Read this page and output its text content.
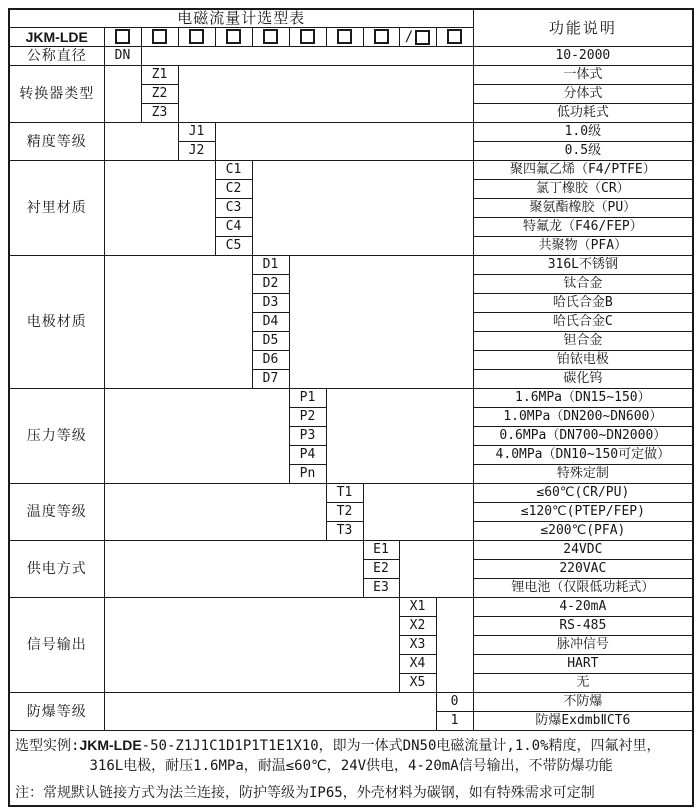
电磁流量计选型表											功能说明
JKM-LDE									/		
公称直径	DN										10-2000
转换器类型		Z1									一体式
		Z2									分体式
		Z3									低功耗式
精度等级			J1								1.0级
			J2								0.5级
衬里材质				C1							聚四氟乙烯（F4/PTFE）
				C2							氯丁橡胶（CR）
				C3							聚氨酯橡胶（PU）
				C4							特氟龙（F46/FEP）
				C5							共聚物（PFA）
电极材质					D1						316L不锈钢
					D2						钛合金
					D3						哈氏合金B
					D4						哈氏合金C
					D5						钽合金
					D6						铂铱电极
					D7						碳化钨
压力等级						P1					1.6MPa（DN15~150）
						P2					1.0MPa（DN200~DN600）
						P3					0.6MPa（DN700~DN2000）
						P4					4.0MPa（DN10~150可定做）
						Pn					特殊定制
温度等级							T1				≤60℃(CR/PU)
							T2				≤120℃(PTEP/FEP)
							T3				≤200℃(PFA)
供电方式								E1			24VDC
								E2			220VAC
								E3			锂电池（仅限低功耗式）
信号输出									X1		4-20mA
									X2		RS-485
									X3		脉冲信号
									X4		HART
									X5		无
防爆等级										0	不防爆
										1	防爆ExdmbⅡCT6

选型实例:JKM-LDE-50-Z1J1C1D1P1T1E1X10，即为一体式DN50电磁流量计,1.0%精度，四氟衬里，
316L电极，耐压1.6MPa，耐温≤60℃，24V供电，4-20mA信号输出，不带防爆功能
注：常规默认链接方式为法兰连接，防护等级为IP65，外壳材料为碳钢，如有特殊需求可定制											
